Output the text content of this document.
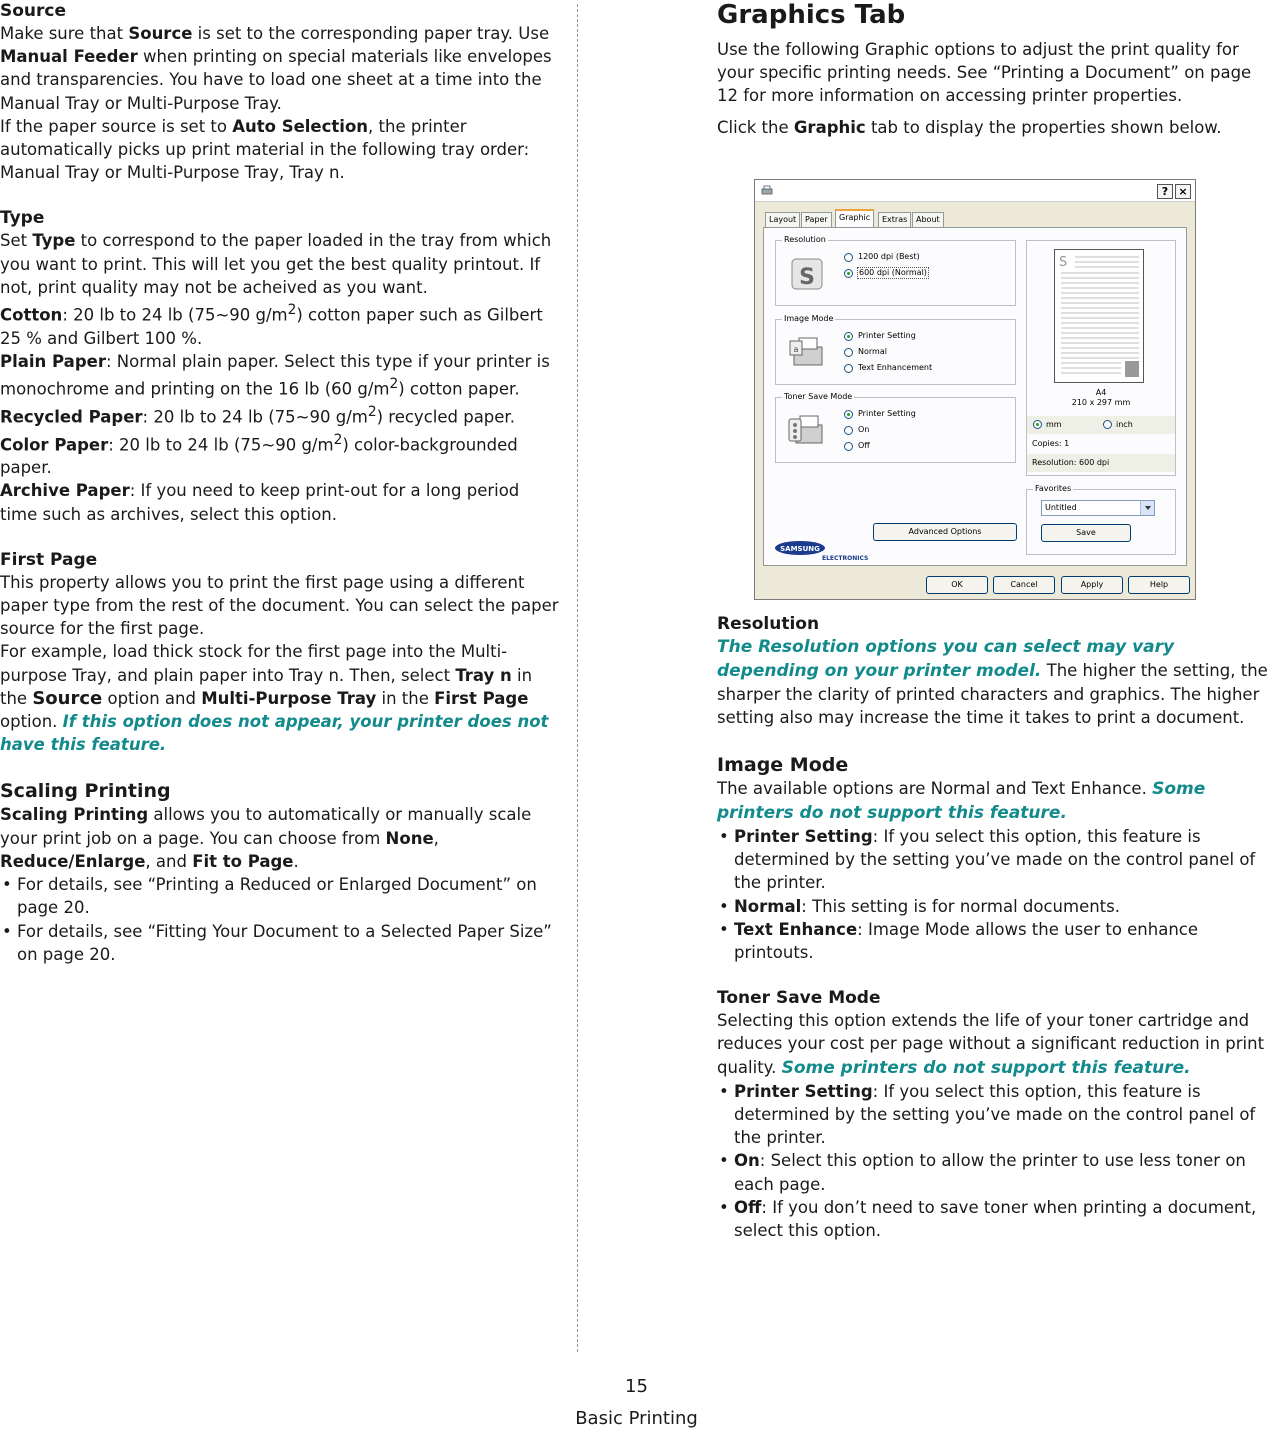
Source

Make sure that Source is set to the corresponding paper tray. Use Manual Feeder when printing on special materials like envelopes and transparencies. You have to load one sheet at a time into the Manual Tray or Multi-Purpose Tray.

If the paper source is set to Auto Selection, the printer automatically picks up print material in the following tray order: Manual Tray or Multi-Purpose Tray, Tray n.

Type

Set Type to correspond to the paper loaded in the tray from which you want to print. This will let you get the best quality printout. If not, print quality may not be acheived as you want.

Cotton: 20 lb to 24 lb (75~90 $g/m^2$) cotton paper such as Gilbert 25 % and Gilbert 100 %.

Plain Paper: Normal plain paper. Select this type if your printer is monochrome and printing on the 16 lb (60 $g/m^2$) cotton paper.

Recycled Paper: 20 lb to 24 lb (75~90 $g/m^2$) recycled paper.

Color Paper: 20 lb to 24 lb (75~90 $g/m^2$) color-backgrounded paper.

Archive Paper: If you need to keep print-out for a long period time such as archives, select this option.

First Page

This property allows you to print the first page using a different paper type from the rest of the document. You can select the paper source for the first page.

For example, load thick stock for the first page into the Multi-purpose Tray, and plain paper into Tray n. Then, select Tray n in the Source option and Multi-Purpose Tray in the First Page option. If this option does not appear, your printer does not have this feature.

Scaling Printing

Scaling Printing allows you to automatically or manually scale your print job on a page. You can choose from None, Reduce/Enlarge, and Fit to Page.

• For details, see “Printing a Reduced or Enlarged Document” on page 20.
• For details, see “Fitting Your Document to a Selected Paper Size” on page 20.

Graphics Tab

Use the following Graphic options to adjust the print quality for your specific printing needs. See “Printing a Document” on page 12 for more information on accessing printer properties.

Click the Graphic tab to display the properties shown below.

Resolution

The Resolution options you can select may vary depending on your printer model. The higher the setting, the sharper the clarity of printed characters and graphics. The higher setting also may increase the time it takes to print a document.

Image Mode

The available options are Normal and Text Enhance. Some printers do not support this feature.

• Printer Setting: If you select this option, this feature is determined by the setting you’ve made on the control panel of the printer.
• Normal: This setting is for normal documents.
• Text Enhance: Image Mode allows the user to enhance printouts.

Toner Save Mode

Selecting this option extends the life of your toner cartridge and reduces your cost per page without a significant reduction in print quality. Some printers do not support this feature.

• Printer Setting: If you select this option, this feature is determined by the setting you’ve made on the control panel of the printer.
• On: Select this option to allow the printer to use less toner on each page.
• Off: If you don’t need to save toner when printing a document, select this option.
? ×
Layout	Paper	Graphic	Extras	About
Resolution
S
1200 dpi (Best)
600 dpi (Normal)
Image Mode
a
Printer Setting
Normal
Text Enhancement
Toner Save Mode
Printer Setting
On
Off
S
A4
210 x 297 mm
mm	inch
Copies: 1
Resolution: 600 dpi
Favorites
Untitled
Save
Advanced Options
SAMSUNG
ELECTRONICS
OK	Cancel	Apply	Help
15
Basic Printing
